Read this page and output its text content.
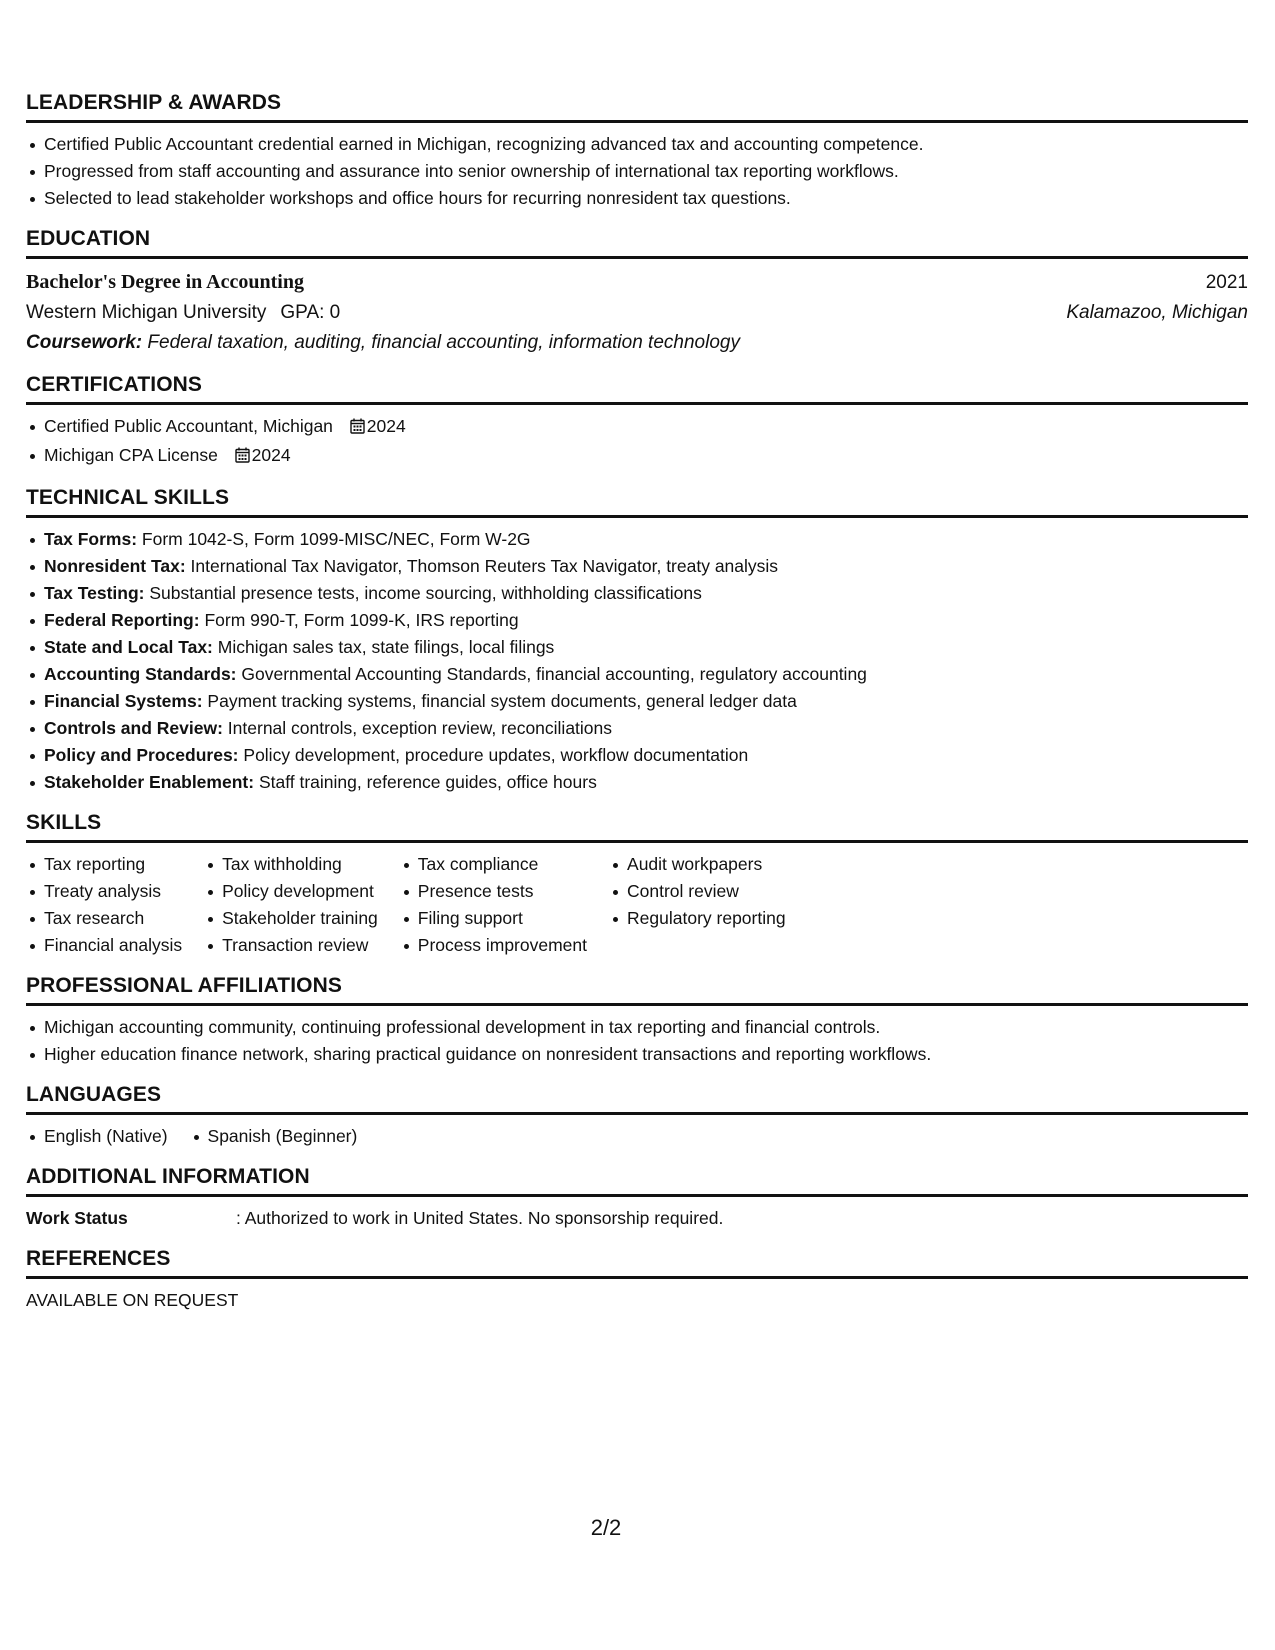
LEADERSHIP & AWARDS
Certified Public Accountant credential earned in Michigan, recognizing advanced tax and accounting competence.
Progressed from staff accounting and assurance into senior ownership of international tax reporting workflows.
Selected to lead stakeholder workshops and office hours for recurring nonresident tax questions.
EDUCATION
Bachelor's Degree in Accounting	2021
Western Michigan University GPA: 0	Kalamazoo, Michigan
Coursework: Federal taxation, auditing, financial accounting, information technology
CERTIFICATIONS
Certified Public Accountant, Michigan 2024
Michigan CPA License 2024
TECHNICAL SKILLS
Tax Forms: Form 1042-S, Form 1099-MISC/NEC, Form W-2G
Nonresident Tax: International Tax Navigator, Thomson Reuters Tax Navigator, treaty analysis
Tax Testing: Substantial presence tests, income sourcing, withholding classifications
Federal Reporting: Form 990-T, Form 1099-K, IRS reporting
State and Local Tax: Michigan sales tax, state filings, local filings
Accounting Standards: Governmental Accounting Standards, financial accounting, regulatory accounting
Financial Systems: Payment tracking systems, financial system documents, general ledger data
Controls and Review: Internal controls, exception review, reconciliations
Policy and Procedures: Policy development, procedure updates, workflow documentation
Stakeholder Enablement: Staff training, reference guides, office hours
SKILLS
Tax reporting
Treaty analysis
Tax research
Financial analysis
Tax withholding
Policy development
Stakeholder training
Transaction review
Tax compliance
Presence tests
Filing support
Process improvement
Audit workpapers
Control review
Regulatory reporting
PROFESSIONAL AFFILIATIONS
Michigan accounting community, continuing professional development in tax reporting and financial controls.
Higher education finance network, sharing practical guidance on nonresident transactions and reporting workflows.
LANGUAGES
English (Native) Spanish (Beginner)
ADDITIONAL INFORMATION
Work Status	: Authorized to work in United States. No sponsorship required.
REFERENCES
AVAILABLE ON REQUEST
2/2
